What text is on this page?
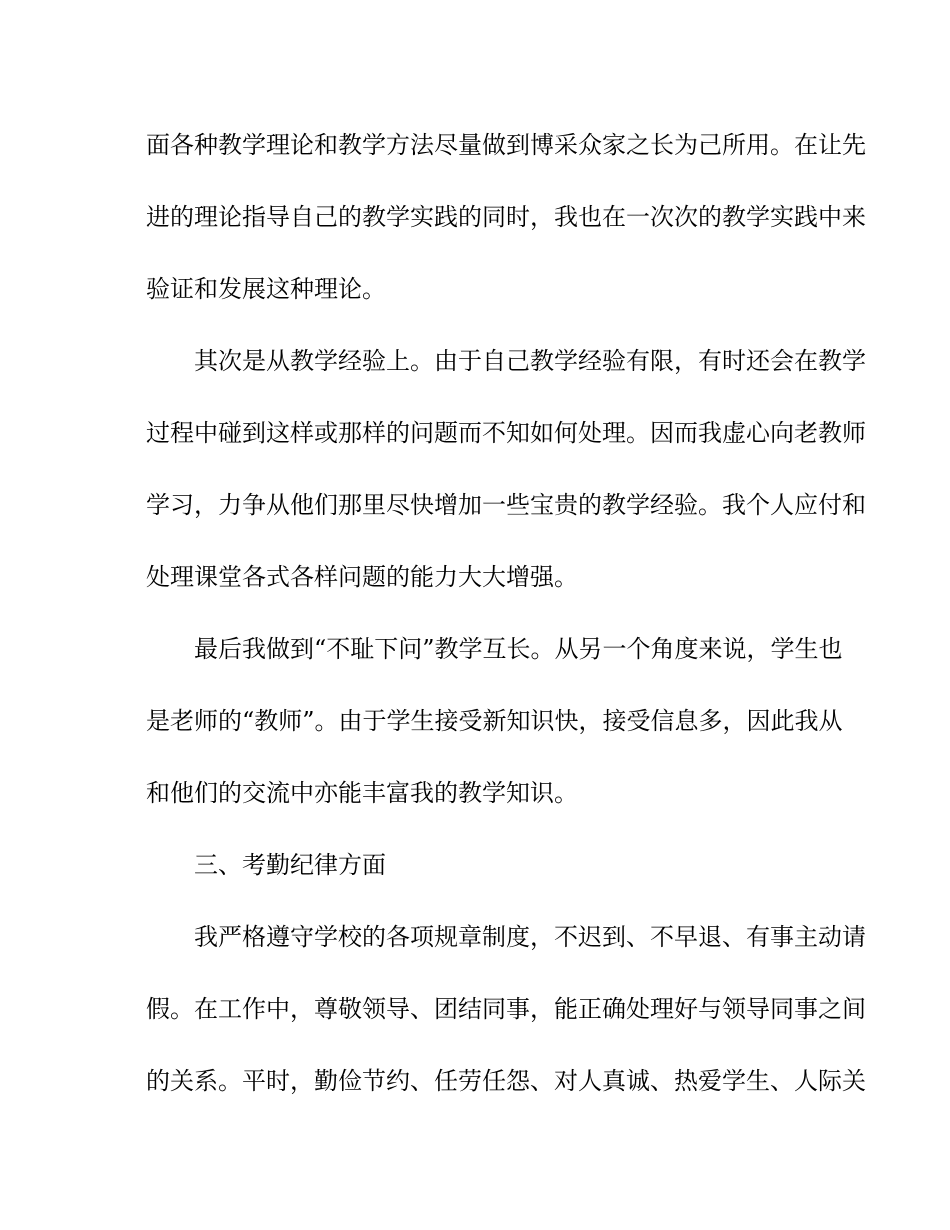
面各种教学理论和教学方法尽量做到博采众家之长为己所用。在让先
进的理论指导自己的教学实践的同时，我也在一次次的教学实践中来
验证和发展这种理论。
其次是从教学经验上。由于自己教学经验有限，有时还会在教学
过程中碰到这样或那样的问题而不知如何处理。因而我虚心向老教师
学习，力争从他们那里尽快增加一些宝贵的教学经验。我个人应付和
处理课堂各式各样问题的能力大大增强。
最后我做到“不耻下问”教学互长。从另一个角度来说，学生也
是老师的“教师”。由于学生接受新知识快，接受信息多，因此我从
和他们的交流中亦能丰富我的教学知识。
三、考勤纪律方面
我严格遵守学校的各项规章制度，不迟到、不早退、有事主动请
假。在工作中，尊敬领导、团结同事，能正确处理好与领导同事之间
的关系。平时，勤俭节约、任劳任怨、对人真诚、热爱学生、人际关
